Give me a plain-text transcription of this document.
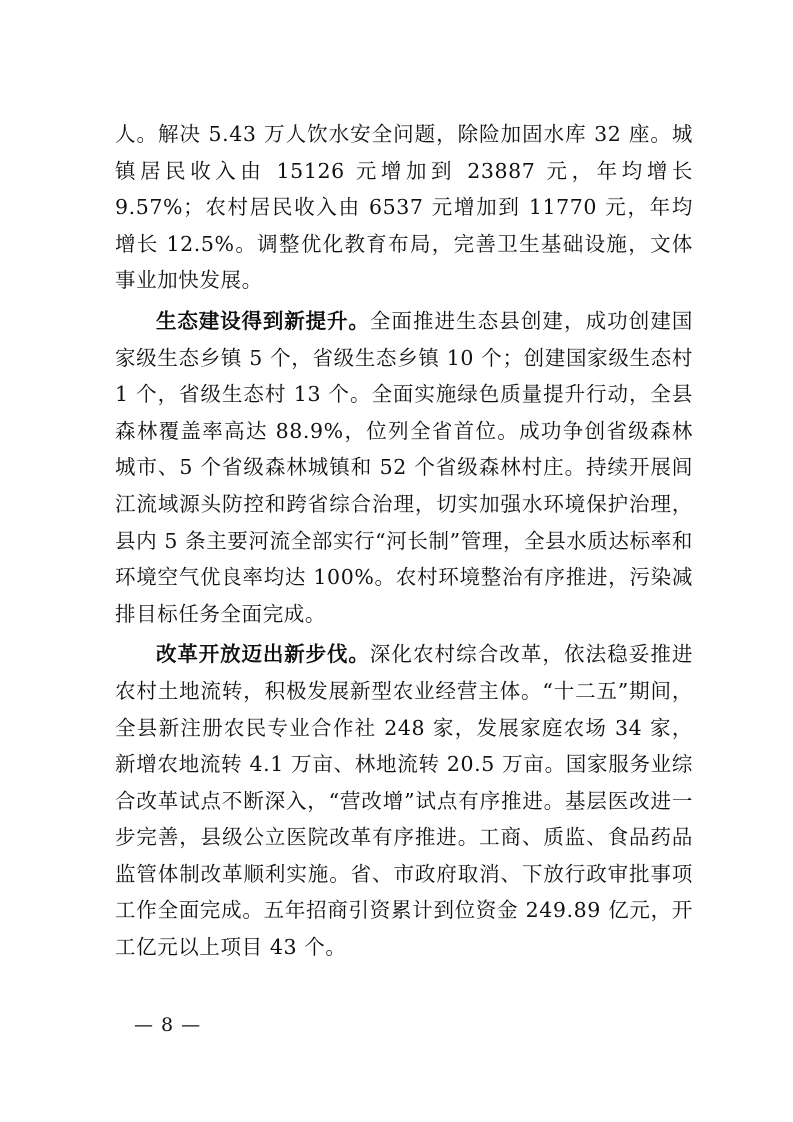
人。解决 5.43 万人饮水安全问题，除险加固水库 32 座。城镇居民收入由 15126 元增加到 23887 元，年均增长 9.57%；农村居民收入由 6537 元增加到 11770 元，年均增长 12.5%。调整优化教育布局，完善卫生基础设施，文体事业加快发展。

生态建设得到新提升。全面推进生态县创建，成功创建国家级生态乡镇 5 个，省级生态乡镇 10 个；创建国家级生态村 1 个，省级生态村 13 个。全面实施绿色质量提升行动，全县森林覆盖率高达 88.9%，位列全省首位。成功争创省级森林城市、5 个省级森林城镇和 52 个省级森林村庄。持续开展闾江流域源头防控和跨省综合治理，切实加强水环境保护治理，县内 5 条主要河流全部实行“河长制”管理，全县水质达标率和环境空气优良率均达 100%。农村环境整治有序推进，污染减排目标任务全面完成。

改革开放迈出新步伐。深化农村综合改革，依法稳妥推进农村土地流转，积极发展新型农业经营主体。“十二五”期间，全县新注册农民专业合作社 248 家，发展家庭农场 34 家，新增农地流转 4.1 万亩、林地流转 20.5 万亩。国家服务业综合改革试点不断深入，“营改增”试点有序推进。基层医改进一步完善，县级公立医院改革有序推进。工商、质监、食品药品监管体制改革顺利实施。省、市政府取消、下放行政审批事项工作全面完成。五年招商引资累计到位资金 249.89 亿元，开工亿元以上项目 43 个。

— 8 —
